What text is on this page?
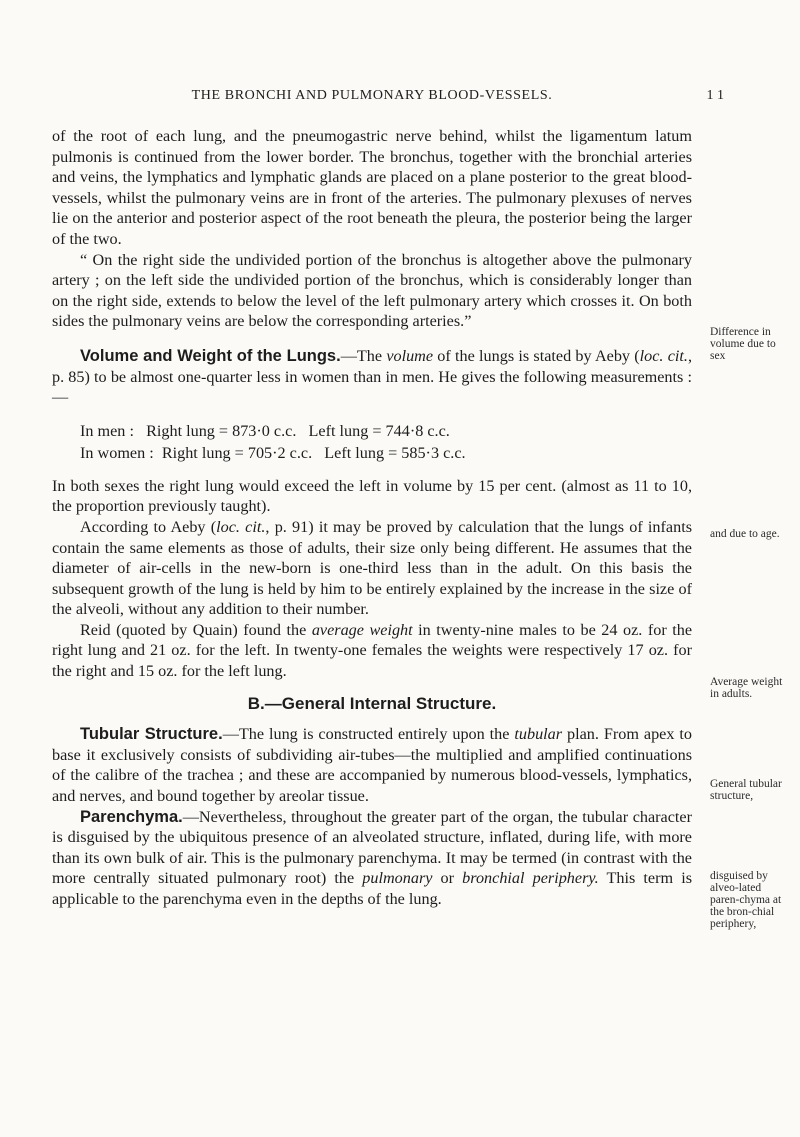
THE BRONCHI AND PULMONARY BLOOD-VESSELS.	1 1

of the root of each lung, and the pneumogastric nerve behind, whilst the ligamentum latum pulmonis is continued from the lower border. The bronchus, together with the bronchial arteries and veins, the lymphatics and lymphatic glands are placed on a plane posterior to the great blood-vessels, whilst the pulmonary veins are in front of the arteries. The pulmonary plexuses of nerves lie on the anterior and posterior aspect of the root beneath the pleura, the posterior being the larger of the two.

“ On the right side the undivided portion of the bronchus is altogether above the pulmonary artery ; on the left side the undivided portion of the bronchus, which is considerably longer than on the right side, extends to below the level of the left pulmonary artery which crosses it. On both sides the pulmonary veins are below the corresponding arteries.”

Volume and Weight of the Lungs.—The volume of the lungs is stated by Aeby (loc. cit., p. 85) to be almost one-quarter less in women than in men. He gives the following measurements :—

In men :   Right lung = 873·0 c.c.   Left lung = 744·8 c.c.
In women :  Right lung = 705·2 c.c.   Left lung = 585·3 c.c.

In both sexes the right lung would exceed the left in volume by 15 per cent. (almost as 11 to 10, the proportion previously taught).

According to Aeby (loc. cit., p. 91) it may be proved by calculation that the lungs of infants contain the same elements as those of adults, their size only being different. He assumes that the diameter of air-cells in the new-born is one-third less than in the adult. On this basis the subsequent growth of the lung is held by him to be entirely explained by the increase in the size of the alveoli, without any addition to their number.

Reid (quoted by Quain) found the average weight in twenty-nine males to be 24 oz. for the right lung and 21 oz. for the left. In twenty-one females the weights were respectively 17 oz. for the right and 15 oz. for the left lung.

B.—General Internal Structure.

Tubular Structure.—The lung is constructed entirely upon the tubular plan. From apex to base it exclusively consists of subdividing air-tubes—the multiplied and amplified continuations of the calibre of the trachea ; and these are accompanied by numerous blood-vessels, lymphatics, and nerves, and bound together by areolar tissue.

Parenchyma.—Nevertheless, throughout the greater part of the organ, the tubular character is disguised by the ubiquitous presence of an alveolated structure, inflated, during life, with more than its own bulk of air. This is the pulmonary parenchyma. It may be termed (in contrast with the more centrally situated pulmonary root) the pulmonary or bronchial periphery. This term is applicable to the parenchyma even in the depths of the lung.

Difference in volume due to sex
and due to age.
Average weight in adults.
General tubular structure,
disguised by alveo-lated paren-chyma at the bron-chial periphery,
